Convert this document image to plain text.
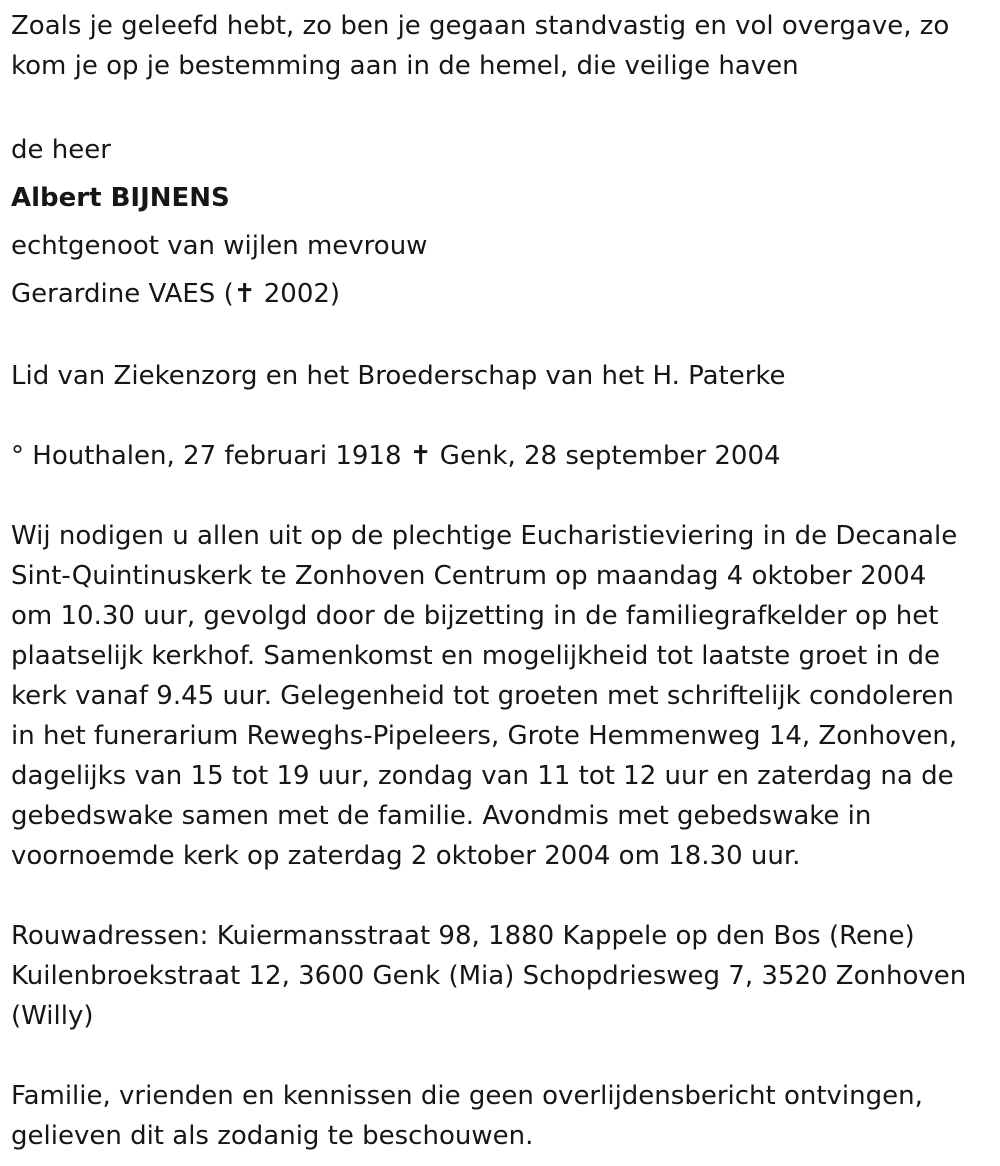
Zoals je geleefd hebt, zo ben je gegaan standvastig en vol overgave, zo
kom je op je bestemming aan in de hemel, die veilige haven

de heer
Albert BIJNENS
echtgenoot van wijlen mevrouw
Gerardine VAES (✝ 2002)

Lid van Ziekenzorg en het Broederschap van het H. Paterke

° Houthalen, 27 februari 1918 ✝ Genk, 28 september 2004

Wij nodigen u allen uit op de plechtige Eucharistieviering in de Decanale
Sint-Quintinuskerk te Zonhoven Centrum op maandag 4 oktober 2004
om 10.30 uur, gevolgd door de bijzetting in de familiegrafkelder op het
plaatselijk kerkhof. Samenkomst en mogelijkheid tot laatste groet in de
kerk vanaf 9.45 uur. Gelegenheid tot groeten met schriftelijk condoleren
in het funerarium Reweghs-Pipeleers, Grote Hemmenweg 14, Zonhoven,
dagelijks van 15 tot 19 uur, zondag van 11 tot 12 uur en zaterdag na de
gebedswake samen met de familie. Avondmis met gebedswake in
voornoemde kerk op zaterdag 2 oktober 2004 om 18.30 uur.

Rouwadressen: Kuiermansstraat 98, 1880 Kappele op den Bos (Rene)
Kuilenbroekstraat 12, 3600 Genk (Mia) Schopdriesweg 7, 3520 Zonhoven
(Willy)

Familie, vrienden en kennissen die geen overlijdensbericht ontvingen,
gelieven dit als zodanig te beschouwen.
